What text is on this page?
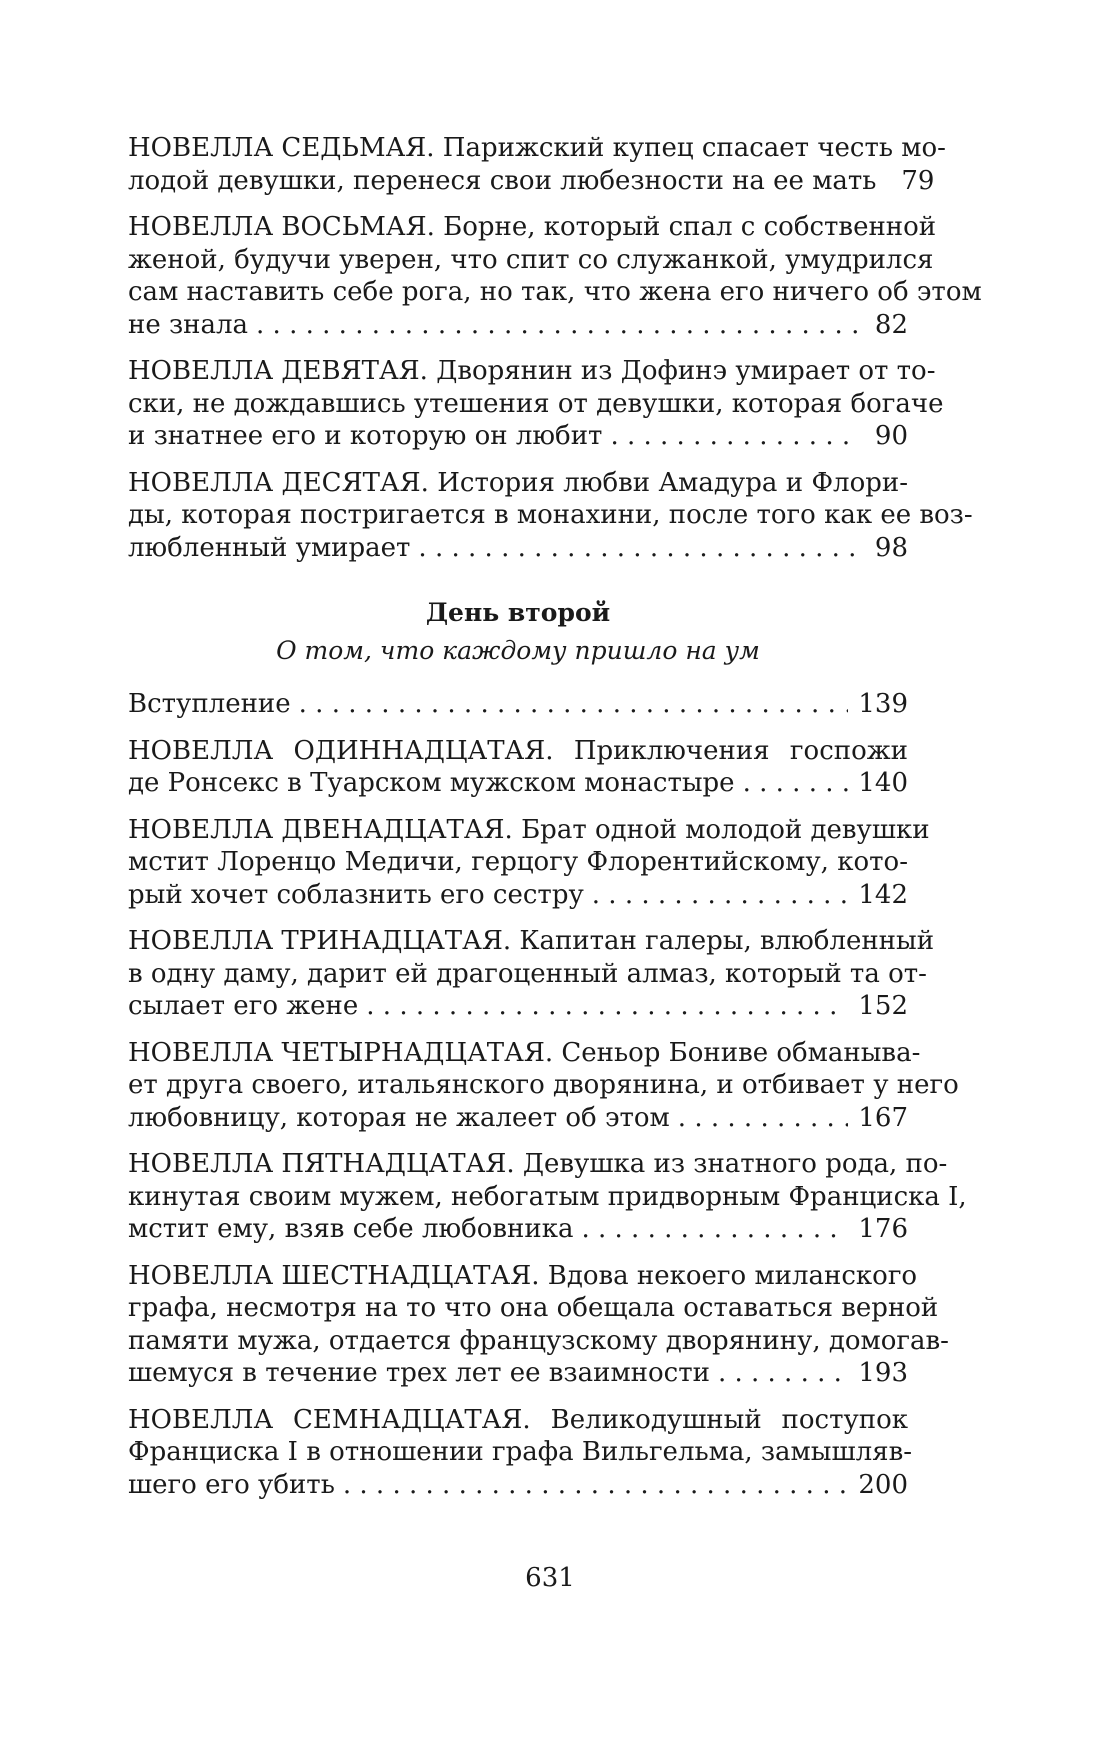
НОВЕЛЛА СЕДЬМАЯ. Парижский купец спасает честь мо-
лодой девушки, перенеся свои любезности на ее мать 79
НОВЕЛЛА ВОСЬМАЯ. Борне, который спал с собственной
женой, будучи уверен, что спит со служанкой, умудрился
сам наставить себе рога, но так, что жена его ничего об этом
не знала . . .	82
НОВЕЛЛА ДЕВЯТАЯ. Дворянин из Дофинэ умирает от то-
ски, не дождавшись утешения от девушки, которая богаче
и знатнее его и которую он любит . . .	90
НОВЕЛЛА ДЕСЯТАЯ. История любви Амадура и Флори-
ды, которая постригается в монахини, после того как ее воз-
любленный умирает . . .	98
День второй
О том, что каждому пришло на ум
Вступление . . .	139
НОВЕЛЛА ОДИННАДЦАТАЯ. Приключения госпожи
де Ронсекс в Туарском мужском монастыре . . .	140
НОВЕЛЛА ДВЕНАДЦАТАЯ. Брат одной молодой девушки
мстит Лоренцо Медичи, герцогу Флорентийскому, кото-
рый хочет соблазнить его сестру . . .	142
НОВЕЛЛА ТРИНАДЦАТАЯ. Капитан галеры, влюбленный
в одну даму, дарит ей драгоценный алмаз, который та от-
сылает его жене . . .	152
НОВЕЛЛА ЧЕТЫРНАДЦАТАЯ. Сеньор Бониве обманыва-
ет друга своего, итальянского дворянина, и отбивает у него
любовницу, которая не жалеет об этом . . .	167
НОВЕЛЛА ПЯТНАДЦАТАЯ. Девушка из знатного рода, по-
кинутая своим мужем, небогатым придворным Франциска I,
мстит ему, взяв себе любовника . . .	176
НОВЕЛЛА ШЕСТНАДЦАТАЯ. Вдова некоего миланского
графа, несмотря на то что она обещала оставаться верной
памяти мужа, отдается французскому дворянину, домогав-
шемуся в течение трех лет ее взаимности . . .	193
НОВЕЛЛА СЕМНАДЦАТАЯ. Великодушный поступок
Франциска I в отношении графа Вильгельма, замышляв-
шего его убить . . .	200
631
